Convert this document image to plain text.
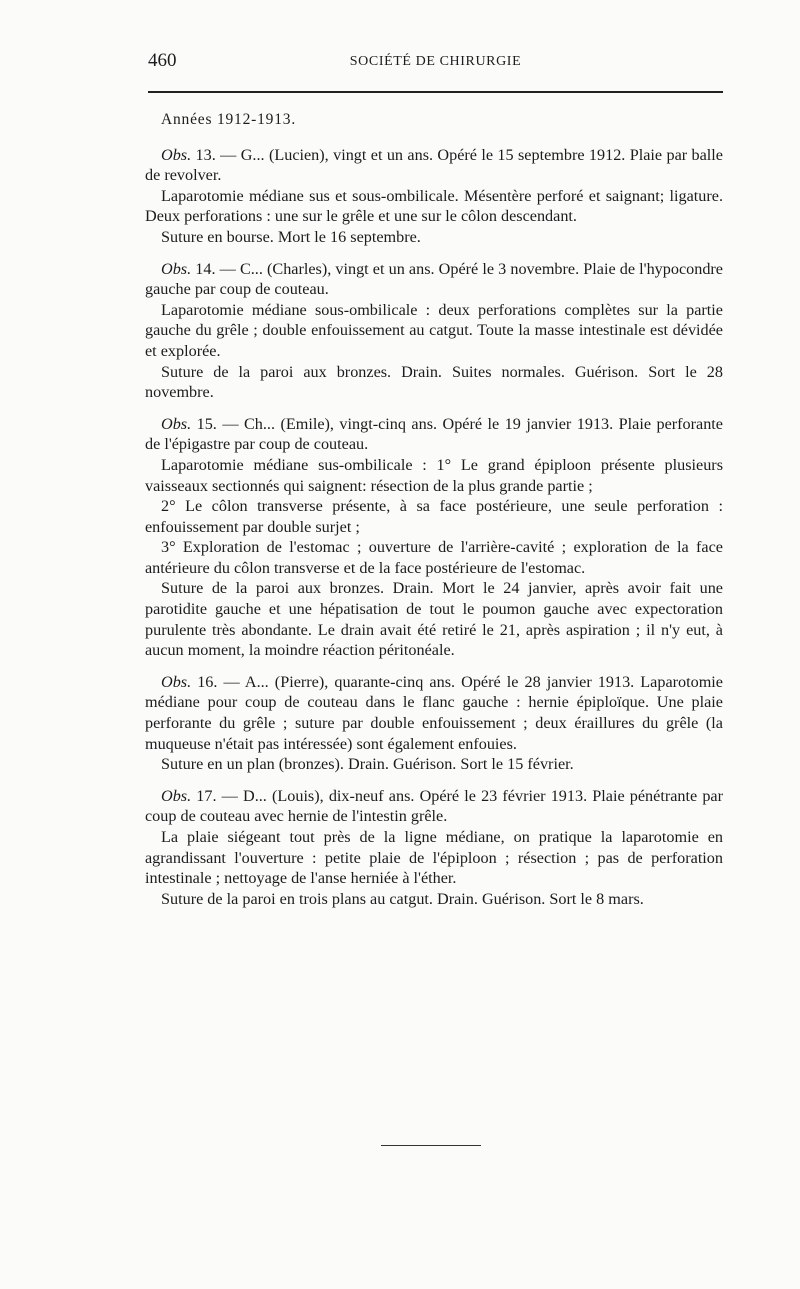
460	SOCIÉTÉ DE CHIRURGIE
Années 1912-1913.

Obs. 13. — G... (Lucien), vingt et un ans. Opéré le 15 septembre 1912. Plaie par balle de revolver.

Laparotomie médiane sus et sous-ombilicale. Mésentère perforé et saignant; ligature. Deux perforations : une sur le grêle et une sur le côlon descendant.

Suture en bourse. Mort le 16 septembre.

Obs. 14. — C... (Charles), vingt et un ans. Opéré le 3 novembre. Plaie de l'hypocondre gauche par coup de couteau.

Laparotomie médiane sous-ombilicale : deux perforations complètes sur la partie gauche du grêle ; double enfouissement au catgut. Toute la masse intestinale est dévidée et explorée.

Suture de la paroi aux bronzes. Drain. Suites normales. Guérison. Sort le 28 novembre.

Obs. 15. — Ch... (Emile), vingt-cinq ans. Opéré le 19 janvier 1913. Plaie perforante de l'épigastre par coup de couteau.

Laparotomie médiane sus-ombilicale : 1° Le grand épiploon présente plusieurs vaisseaux sectionnés qui saignent: résection de la plus grande partie ;

2° Le côlon transverse présente, à sa face postérieure, une seule perforation : enfouissement par double surjet ;

3° Exploration de l'estomac ; ouverture de l'arrière-cavité ; exploration de la face antérieure du côlon transverse et de la face postérieure de l'estomac.

Suture de la paroi aux bronzes. Drain. Mort le 24 janvier, après avoir fait une parotidite gauche et une hépatisation de tout le poumon gauche avec expectoration purulente très abondante. Le drain avait été retiré le 21, après aspiration ; il n'y eut, à aucun moment, la moindre réaction péritonéale.

Obs. 16. — A... (Pierre), quarante-cinq ans. Opéré le 28 janvier 1913. Laparotomie médiane pour coup de couteau dans le flanc gauche : hernie épiploïque. Une plaie perforante du grêle ; suture par double enfouissement ; deux éraillures du grêle (la muqueuse n'était pas intéressée) sont également enfouies.

Suture en un plan (bronzes). Drain. Guérison. Sort le 15 février.

Obs. 17. — D... (Louis), dix-neuf ans. Opéré le 23 février 1913. Plaie pénétrante par coup de couteau avec hernie de l'intestin grêle.

La plaie siégeant tout près de la ligne médiane, on pratique la laparotomie en agrandissant l'ouverture : petite plaie de l'épiploon ; résection ; pas de perforation intestinale ; nettoyage de l'anse herniée à l'éther.

Suture de la paroi en trois plans au catgut. Drain. Guérison. Sort le 8 mars.
